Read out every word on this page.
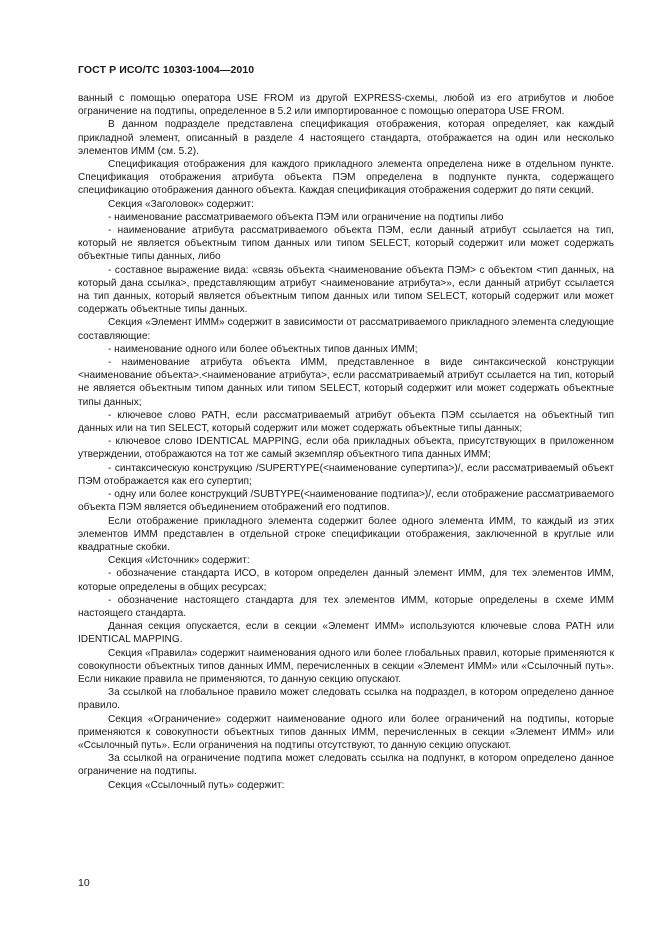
ГОСТ Р ИСО/ТС 10303-1004—2010

ванный с помощью оператора USE FROM из другой EXPRESS-схемы, любой из его атрибутов и любое ограничение на подтипы, определенное в 5.2 или импортированное с помощью оператора USE FROM.

В данном подразделе представлена спецификация отображения, которая определяет, как каждый прикладной элемент, описанный в разделе 4 настоящего стандарта, отображается на один или несколько элементов ИММ (см. 5.2).

Спецификация отображения для каждого прикладного элемента определена ниже в отдельном пункте. Спецификация отображения атрибута объекта ПЭМ определена в подпункте пункта, содержащего спецификацию отображения данного объекта. Каждая спецификация отображения содержит до пяти секций.

Секция «Заголовок» содержит:

- наименование рассматриваемого объекта ПЭМ или ограничение на подтипы либо

- наименование атрибута рассматриваемого объекта ПЭМ, если данный атрибут ссылается на тип, который не является объектным типом данных или типом SELECT, который содержит или может содержать объектные типы данных, либо

- составное выражение вида: «связь объекта <наименование объекта ПЭМ> с объектом <тип данных, на который дана ссылка>, представляющим атрибут <наименование атрибута>», если данный атрибут ссылается на тип данных, который является объектным типом данных или типом SELECT, который содержит или может содержать объектные типы данных.

Секция «Элемент ИММ» содержит в зависимости от рассматриваемого прикладного элемента следующие составляющие:

- наименование одного или более объектных типов данных ИММ;

- наименование атрибута объекта ИММ, представленное в виде синтаксической конструкции <наименование объекта>.<наименование атрибута>, если рассматриваемый атрибут ссылается на тип, который не является объектным типом данных или типом SELECT, который содержит или может содержать объектные типы данных;

- ключевое слово PATH, если рассматриваемый атрибут объекта ПЭМ ссылается на объектный тип данных или на тип SELECT, который содержит или может содержать объектные типы данных;

- ключевое слово IDENTICAL MAPPING, если оба прикладных объекта, присутствующих в приложенном утверждении, отображаются на тот же самый экземпляр объектного типа данных ИММ;

- синтаксическую конструкцию /SUPERTYPE(<наименование супертипа>)/, если рассматриваемый объект ПЭМ отображается как его супертип;

- одну или более конструкций /SUBTYPE(<наименование подтипа>)/, если отображение рассматриваемого объекта ПЭМ является объединением отображений его подтипов.

Если отображение прикладного элемента содержит более одного элемента ИММ, то каждый из этих элементов ИММ представлен в отдельной строке спецификации отображения, заключенной в круглые или квадратные скобки.

Секция «Источник» содержит:

- обозначение стандарта ИСО, в котором определен данный элемент ИММ, для тех элементов ИММ, которые определены в общих ресурсах;

- обозначение настоящего стандарта для тех элементов ИММ, которые определены в схеме ИММ настоящего стандарта.

Данная секция опускается, если в секции «Элемент ИММ» используются ключевые слова PATH или IDENTICAL MAPPING.

Секция «Правила» содержит наименования одного или более глобальных правил, которые применяются к совокупности объектных типов данных ИММ, перечисленных в секции «Элемент ИММ» или «Ссылочный путь». Если никакие правила не применяются, то данную секцию опускают.

За ссылкой на глобальное правило может следовать ссылка на подраздел, в котором определено данное правило.

Секция «Ограничение» содержит наименование одного или более ограничений на подтипы, которые применяются к совокупности объектных типов данных ИММ, перечисленных в секции «Элемент ИММ» или «Ссылочный путь». Если ограничения на подтипы отсутствуют, то данную секцию опускают.

За ссылкой на ограничение подтипа может следовать ссылка на подпункт, в котором определено данное ограничение на подтипы.

Секция «Ссылочный путь» содержит:

10
